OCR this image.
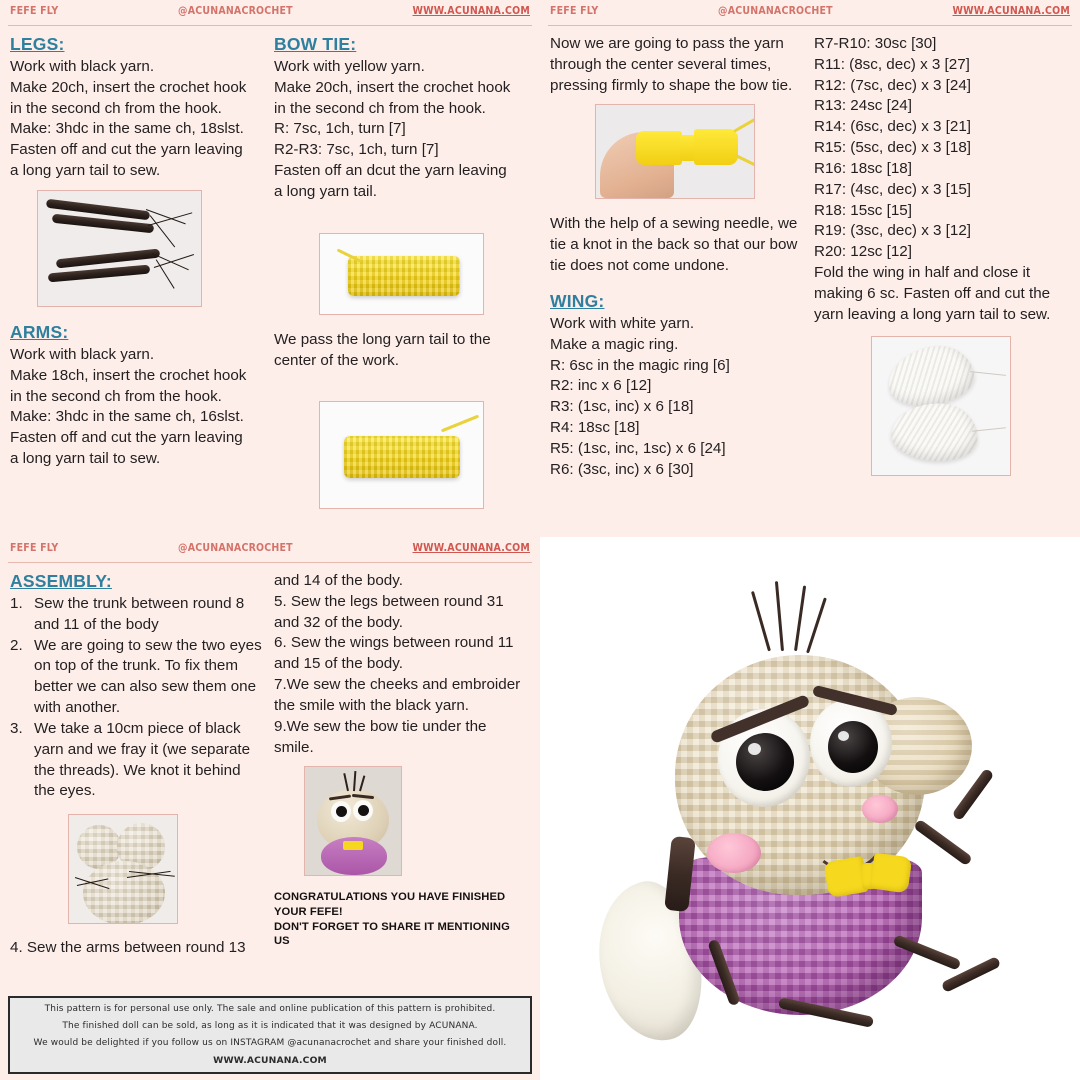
FEFE FLY	@ACUNANACROCHET	WWW.ACUNANA.COM
LEGS:
Work with black yarn.
Make 20ch, insert the crochet hook
in the second ch from the hook.
Make: 3hdc in the same ch, 18slst.
Fasten off and cut the yarn leaving
a long yarn tail to sew.
ARMS:
Work with black yarn.
Make 18ch, insert the crochet hook
in the second ch from the hook.
Make: 3hdc in the same ch, 16slst.
Fasten off and cut the yarn leaving
a long yarn tail to sew.
BOW TIE:
Work with yellow yarn.
Make 20ch, insert the crochet hook
in the second ch from the hook.
R: 7sc, 1ch, turn [7]
R2-R3: 7sc, 1ch, turn [7]
Fasten off an dcut the yarn leaving
a long yarn tail.

We pass the long yarn tail to the center of the work.

FEFE FLY	@ACUNANACROCHET	WWW.ACUNANA.COM

Now we are going to pass the yarn through the center several times, pressing firmly to shape the bow tie.

With the help of a sewing needle, we tie a knot in the back so that our bow tie does not come undone.

WING:
Work with white yarn.
Make a magic ring.
R: 6sc in the magic ring [6]
R2: inc x 6 [12]
R3: (1sc, inc) x 6 [18]
R4: 18sc [18]
R5: (1sc, inc, 1sc) x 6 [24]
R6: (3sc, inc) x 6 [30]
R7-R10: 30sc [30]
R11: (8sc, dec) x 3 [27]
R12: (7sc, dec) x 3 [24]
R13: 24sc [24]
R14: (6sc, dec) x 3 [21]
R15: (5sc, dec) x 3 [18]
R16: 18sc [18]
R17: (4sc, dec) x 3 [15]
R18: 15sc [15]
R19: (3sc, dec) x 3 [12]
R20: 12sc [12]

Fold the wing in half and close it making 6 sc. Fasten off and cut the yarn leaving a long yarn tail to sew.

FEFE FLY	@ACUNANACROCHET	WWW.ACUNANA.COM
ASSEMBLY:
1. Sew the trunk between round 8 and 11 of the body
2. We are going to sew the two eyes on top of the trunk. To fix them better we can also sew them one with another.
3. We take a 10cm piece of black yarn and we fray it (we separate the threads). We knot it behind the eyes.
4. Sew the arms between round 13
and 14 of the body.
5. Sew the legs between round 31 and 32 of the body.
6. Sew the wings between round 11 and 15 of the body.
7.We sew the cheeks and embroider the smile with the black yarn.
9.We sew the bow tie under the smile.
CONGRATULATIONS YOU HAVE FINISHED
YOUR FEFE!
DON'T FORGET TO SHARE IT MENTIONING US
This pattern is for personal use only. The sale and online publication of this pattern is prohibited.
The finished doll can be sold, as long as it is indicated that it was designed by ACUNANA.
We would be delighted if you follow us on INSTAGRAM @acunanacrochet and share your finished doll.
WWW.ACUNANA.COM
